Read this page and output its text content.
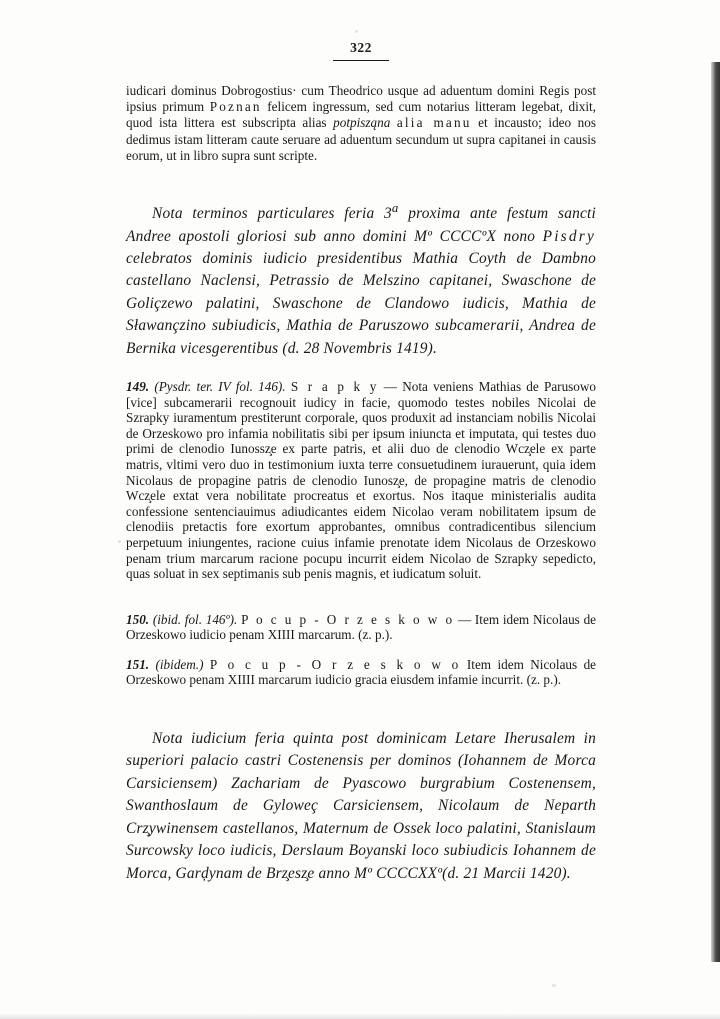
322

iudicari dominus Dobrogostius· cum Theodrico usque ad aduentum domini Regis post ipsius primum Poznan felicem ingressum, sed cum notarius litteram legebat, dixit, quod ista littera est subscripta alias potpisząna alia manu et incausto; ideo nos dedimus istam litteram caute seruare ad aduentum secundum ut supra capitanei in causis eorum, ut in libro supra sunt scripte.

Nota terminos particulares feria 3$^a$ proxima ante festum sancti Andree apostoli gloriosi sub anno domini Mº CCCCºX nono Pisdry celebratos dominis iudicio presidentibus Mathia Coyth de Dambno castellano Naclensi, Petrassio de Melszino capitanei, Swaschone de Goliçzewo palatini, Swaschone de Clandowo iudicis, Mathia de Sławançzino subiudicis, Mathia de Paruszowo subcamerarii, Andrea de Bernika vicesgerentibus (d. 28 Novembris 1419).
149. (Pysdr. ter. IV fol. 146). S r a p k y — Nota veniens Mathias de Parusowo [vice] subcamerarii recognouit iudicy in facie, quomodo testes nobiles Nicolai de Szrapky iuramentum prestiterunt corporale, quos produxit ad instanciam nobilis Nicolai de Orzeskowo pro infamia nobilitatis sibi per ipsum iniuncta et imputata, qui testes duo primi de clenodio Iunossz̧e ex parte patris, et alii duo de clenodio Wcz̧ele ex parte matris, vltimi vero duo in testimonium iuxta terre consuetudinem iurauerunt, quia idem Nicolaus de propagine patris de clenodio Iunosz̧e, de propagine matris de clenodio Wcz̧ele extat vera nobilitate procreatus et exortus. Nos itaque ministerialis audita confessione sentenciauimus adiudicantes eidem Nicolao veram nobilitatem ipsum de clenodiis pretactis fore exortum approbantes, omnibus contradicentibus silencium perpetuum iniungentes, racione cuius infamie prenotate idem Nicolaus de Orzeskowo penam trium marcarum racione pocupu incurrit eidem Nicolao de Szrapky sepedicto, quas soluat in sex septimanis sub penis magnis, et iudicatum soluit.
150. (ibid. fol. 146º). P o c u p - O r z e s k o w o — Item idem Nicolaus de Orzeskowo iudicio penam XIIII marcarum. (z. p.).
151. (ibidem.) P o c u p - O r z e s k o w o Item idem Nicolaus de Orzeskowo penam XIIII marcarum iudicio gracia eiusdem infamie incurrit. (z. p.).
Nota iudicium feria quinta post dominicam Letare Iherusalem in superiori palacio castri Costenensis per dominos (Iohannem de Morca Carsiciensem) Zachariam de Pyascowo burgrabium Costenensem, Swanthoslaum de Gyloweç Carsiciensem, Nicolaum de Neparth Crz̧ywinensem castellanos, Maternum de Ossek loco palatini, Stanislaum Surcowsky loco iudicis, Derslaum Boyanski loco subiudicis Iohannem de Morca, Garḑynam de Brz̧esz̧e anno Mº CCCCXXº(d. 21 Marcii 1420).
